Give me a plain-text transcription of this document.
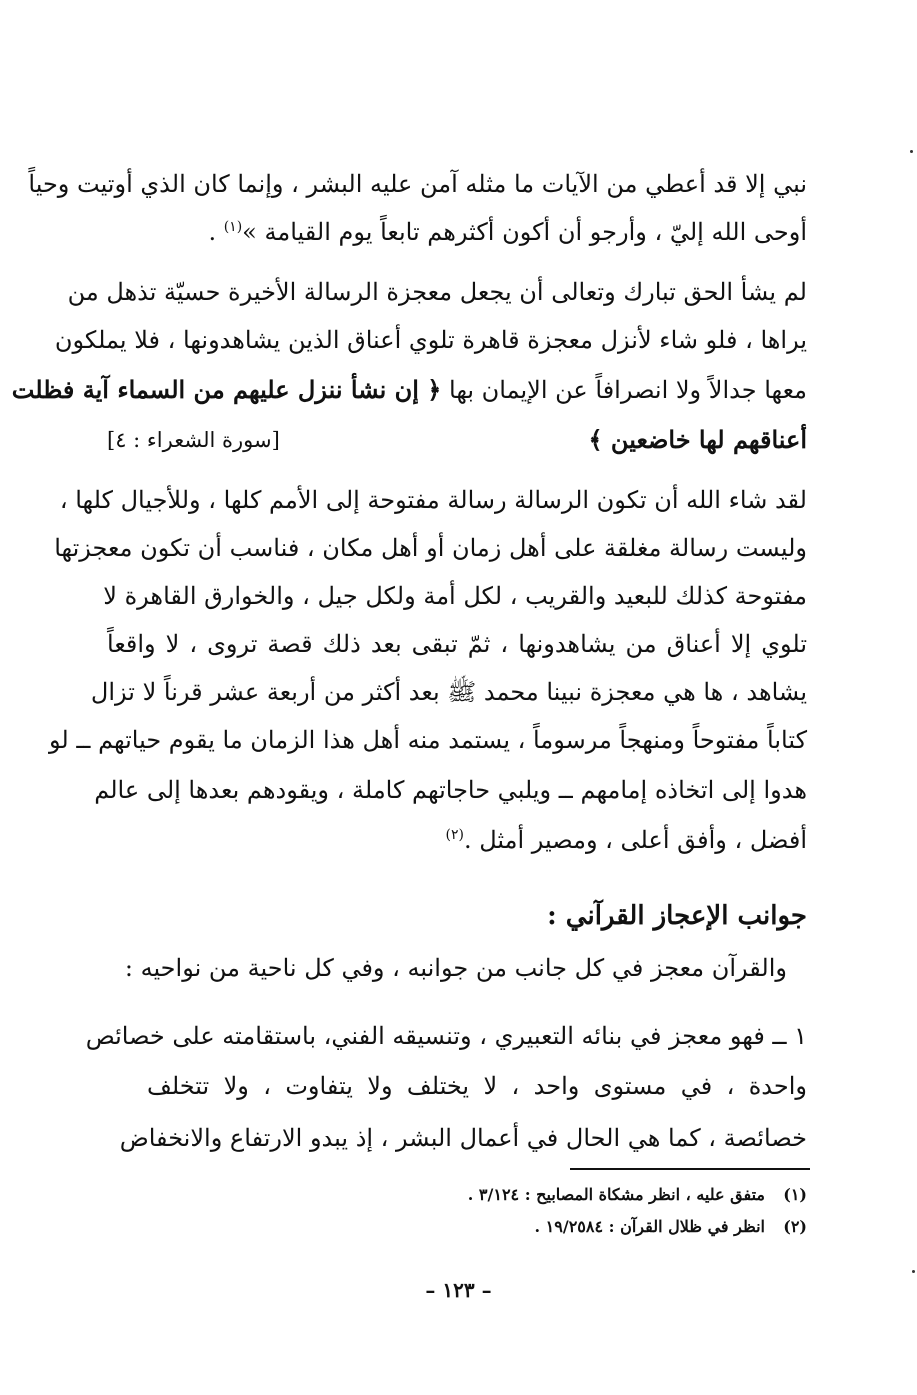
نبي إلا قد أعطي من الآيات ما مثله آمن عليه البشر ، وإنما كان الذي أوتيت وحياً
أوحى الله إليّ ، وأرجو أن أكون أكثرهم تابعاً يوم القيامة »$^{(١)}$ .
لم يشأ الحق تبارك وتعالى أن يجعل معجزة الرسالة الأخيرة حسيّة تذهل من
يراها ، فلو شاء لأنزل معجزة قاهرة تلوي أعناق الذين يشاهدونها ، فلا يملكون
معها جدالاً ولا انصرافاً عن الإيمان بها ﴿ إن نشأ ننزل عليهم من السماء آية فظلت
أعناقهم لها خاضعين ﴾
[سورة الشعراء : ٤]
لقد شاء الله أن تكون الرسالة رسالة مفتوحة إلى الأمم كلها ، وللأجيال كلها ،
وليست رسالة مغلقة على أهل زمان أو أهل مكان ، فناسب أن تكون معجزتها
مفتوحة كذلك للبعيد والقريب ، لكل أمة ولكل جيل ، والخوارق القاهرة لا
تلوي إلا أعناق من يشاهدونها ، ثمّ تبقى بعد ذلك قصة تروى ، لا واقعاً
يشاهد ، ها هي معجزة نبينا محمد ﷺ بعد أكثر من أربعة عشر قرناً لا تزال
كتاباً مفتوحاً ومنهجاً مرسوماً ، يستمد منه أهل هذا الزمان ما يقوم حياتهم ــ لو
هدوا إلى اتخاذه إمامهم ــ ويلبي حاجاتهم كاملة ، ويقودهم بعدها إلى عالم
أفضل ، وأفق أعلى ، ومصير أمثل .$^{(٢)}$
جوانب الإعجاز القرآني :
والقرآن معجز في كل جانب من جوانبه ، وفي كل ناحية من نواحيه :
١ ــ فهو معجز في بنائه التعبيري ، وتنسيقه الفني، باستقامته على خصائص
واحدة ، في مستوى واحد ، لا يختلف ولا يتفاوت ، ولا تتخلف
خصائصة ، كما هي الحال في أعمال البشر ، إذ يبدو الارتفاع والانخفاض
(١)متفق عليه ، انظر مشكاة المصابيح : ٣/١٢٤ .
(٢)انظر في ظلال القرآن : ١٩/٢٥٨٤ .
– ١٢٣ –
